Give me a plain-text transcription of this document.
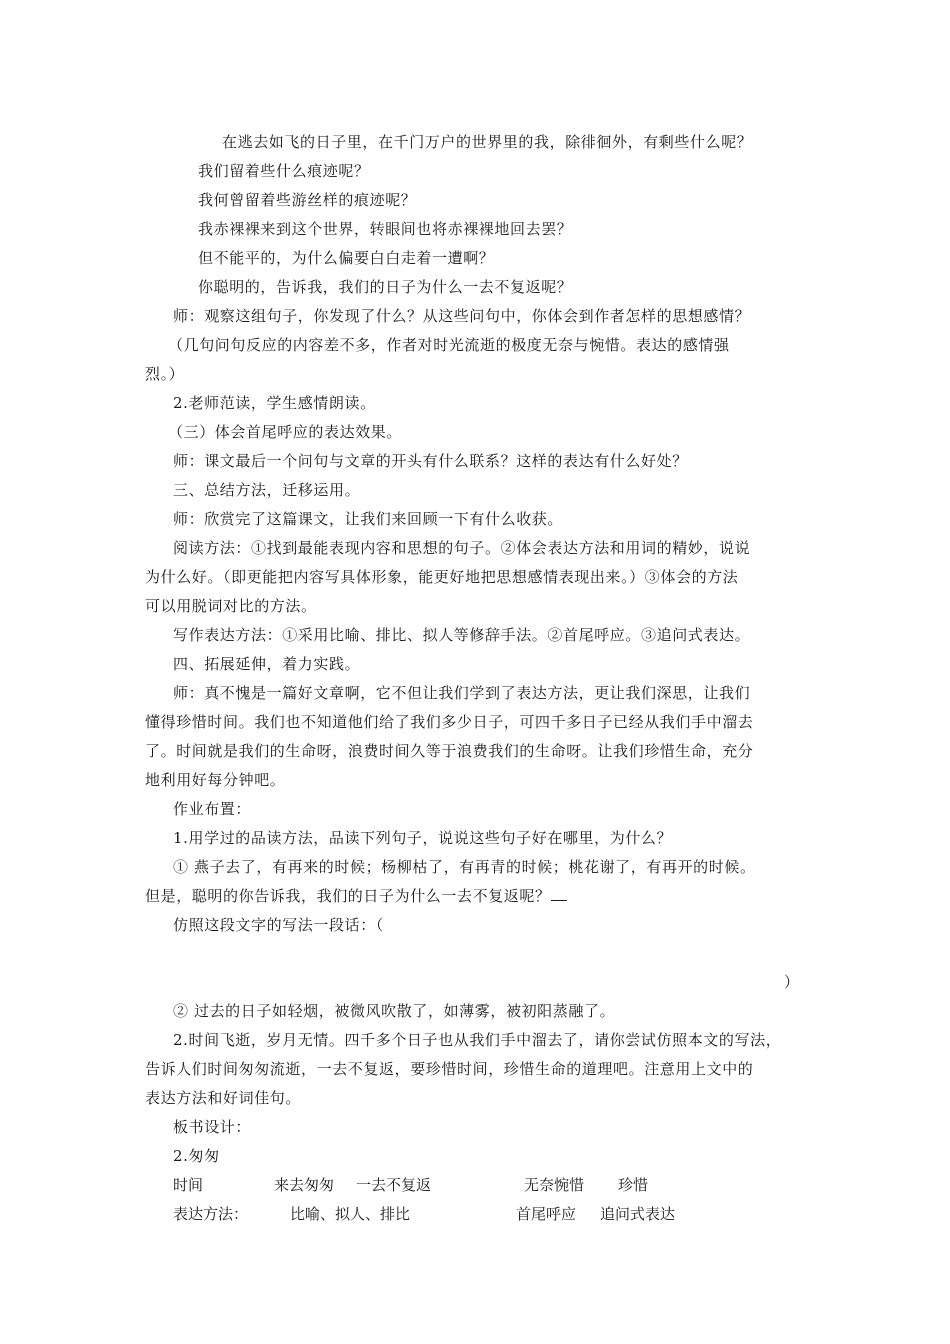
在逃去如飞的日子里，在千门万户的世界里的我，除徘徊外，有剩些什么呢？
我们留着些什么痕迹呢？
我何曾留着些游丝样的痕迹呢？
我赤裸裸来到这个世界，转眼间也将赤裸裸地回去罢？
但不能平的，为什么偏要白白走着一遭啊？
你聪明的，告诉我，我们的日子为什么一去不复返呢？
师：观察这组句子，你发现了什么？从这些问句中，你体会到作者怎样的思想感情？
（几句问句反应的内容差不多，作者对时光流逝的极度无奈与惋惜。表达的感情强
烈。）
2.老师范读，学生感情朗读。
（三）体会首尾呼应的表达效果。
师：课文最后一个问句与文章的开头有什么联系？这样的表达有什么好处？
三、总结方法，迁移运用。
师：欣赏完了这篇课文，让我们来回顾一下有什么收获。
阅读方法：①找到最能表现内容和思想的句子。②体会表达方法和用词的精妙，说说
为什么好。（即更能把内容写具体形象，能更好地把思想感情表现出来。）③体会的方法
可以用脱词对比的方法。
写作表达方法：①采用比喻、排比、拟人等修辞手法。②首尾呼应。③追问式表达。
四、拓展延伸，着力实践。
师：真不愧是一篇好文章啊，它不但让我们学到了表达方法，更让我们深思，让我们
懂得珍惜时间。我们也不知道他们给了我们多少日子，可四千多日子已经从我们手中溜去
了。时间就是我们的生命呀，浪费时间久等于浪费我们的生命呀。让我们珍惜生命，充分
地利用好每分钟吧。
作业布置：
1.用学过的品读方法，品读下列句子，说说这些句子好在哪里，为什么？
① 燕子去了，有再来的时候；杨柳枯了，有再青的时候；桃花谢了，有再开的时候。
但是，聪明的你告诉我，我们的日子为什么一去不复返呢？
仿照这段文字的写法一段话：（
）
② 过去的日子如轻烟，被微风吹散了，如薄雾，被初阳蒸融了。
2.时间飞逝，岁月无情。四千多个日子也从我们手中溜去了，请你尝试仿照本文的写法，
告诉人们时间匆匆流逝，一去不复返，要珍惜时间，珍惜生命的道理吧。注意用上文中的
表达方法和好词佳句。
板书设计：
2.匆匆
时间	来去匆匆 一去不复返	无奈惋惜 珍惜
表达方法：	比喻、拟人、排比	首尾呼应 追问式表达
